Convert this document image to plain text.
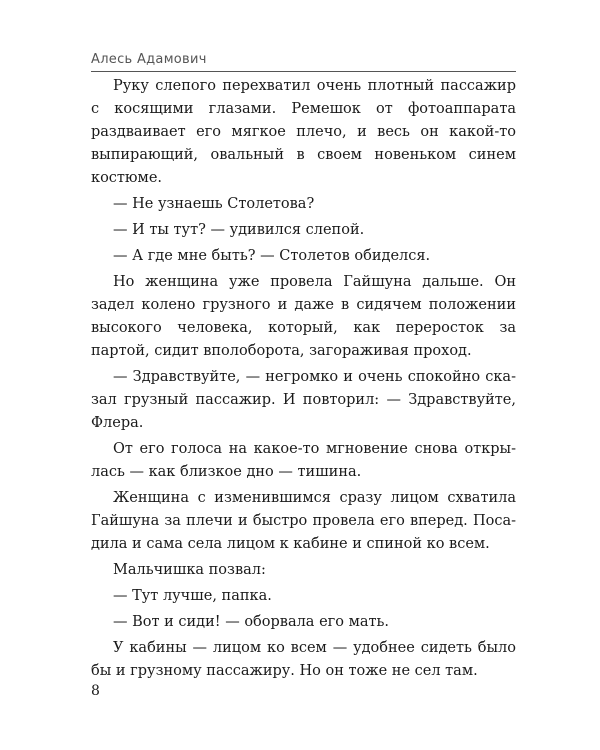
Алесь Адамович

Руку слепого перехватил очень плотный пассажир с косящими глазами. Ремешок от фотоаппарата раздваивает его мягкое плечо, и весь он какой-то выпирающий, овальный в своем новеньком синем костюме.

— Не узнаешь Столетова?

— И ты тут? — удивился слепой.

— А где мне быть? — Столетов обиделся.

Но женщина уже провела Гайшуна дальше. Он задел колено грузного и даже в сидячем положении высокого человека, который, как переросток за партой, сидит вполоборота, загораживая проход.

— Здравствуйте, — негромко и очень спокойно сказал грузный пассажир. И повторил: — Здравствуйте, Флера.

От его голоса на какое-то мгновение снова открылась — как близкое дно — тишина.

Женщина с изменившимся сразу лицом схватила Гайшуна за плечи и быстро провела его вперед. Посадила и сама села лицом к кабине и спиной ко всем.

Мальчишка позвал:

— Тут лучше, папка.

— Вот и сиди! — оборвала его мать.

У кабины — лицом ко всем — удобнее сидеть было бы и грузному пассажиру. Но он тоже не сел там.

8
